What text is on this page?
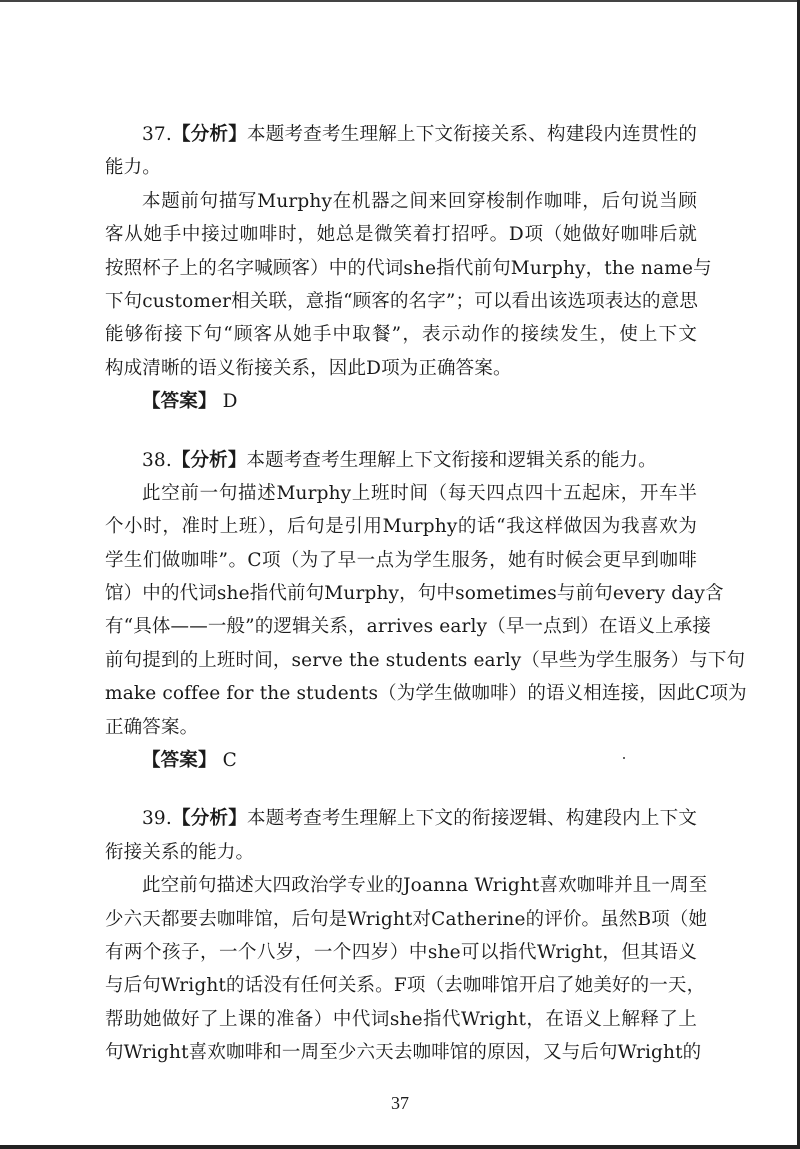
37.【分析】本题考查考生理解上下文衔接关系、构建段内连贯性的
能力。
本题前句描写Murphy在机器之间来回穿梭制作咖啡，后句说当顾
客从她手中接过咖啡时，她总是微笑着打招呼。D项（她做好咖啡后就
按照杯子上的名字喊顾客）中的代词she指代前句Murphy，the name与
下句customer相关联，意指“顾客的名字”；可以看出该选项表达的意思
能够衔接下句“顾客从她手中取餐”，表示动作的接续发生，使上下文
构成清晰的语义衔接关系，因此D项为正确答案。
【答案】 D
38.【分析】本题考查考生理解上下文衔接和逻辑关系的能力。
此空前一句描述Murphy上班时间（每天四点四十五起床，开车半
个小时，准时上班），后句是引用Murphy的话“我这样做因为我喜欢为
学生们做咖啡”。C项（为了早一点为学生服务，她有时候会更早到咖啡
馆）中的代词she指代前句Murphy，句中sometimes与前句every day含
有“具体——一般”的逻辑关系，arrives early（早一点到）在语义上承接
前句提到的上班时间，serve the students early（早些为学生服务）与下句
make coffee for the students（为学生做咖啡）的语义相连接，因此C项为
正确答案。
【答案】 C
39.【分析】本题考查考生理解上下文的衔接逻辑、构建段内上下文
衔接关系的能力。
此空前句描述大四政治学专业的Joanna Wright喜欢咖啡并且一周至
少六天都要去咖啡馆，后句是Wright对Catherine的评价。虽然B项（她
有两个孩子，一个八岁，一个四岁）中she可以指代Wright，但其语义
与后句Wright的话没有任何关系。F项（去咖啡馆开启了她美好的一天，
帮助她做好了上课的准备）中代词she指代Wright，在语义上解释了上
句Wright喜欢咖啡和一周至少六天去咖啡馆的原因，又与后句Wright的
37
